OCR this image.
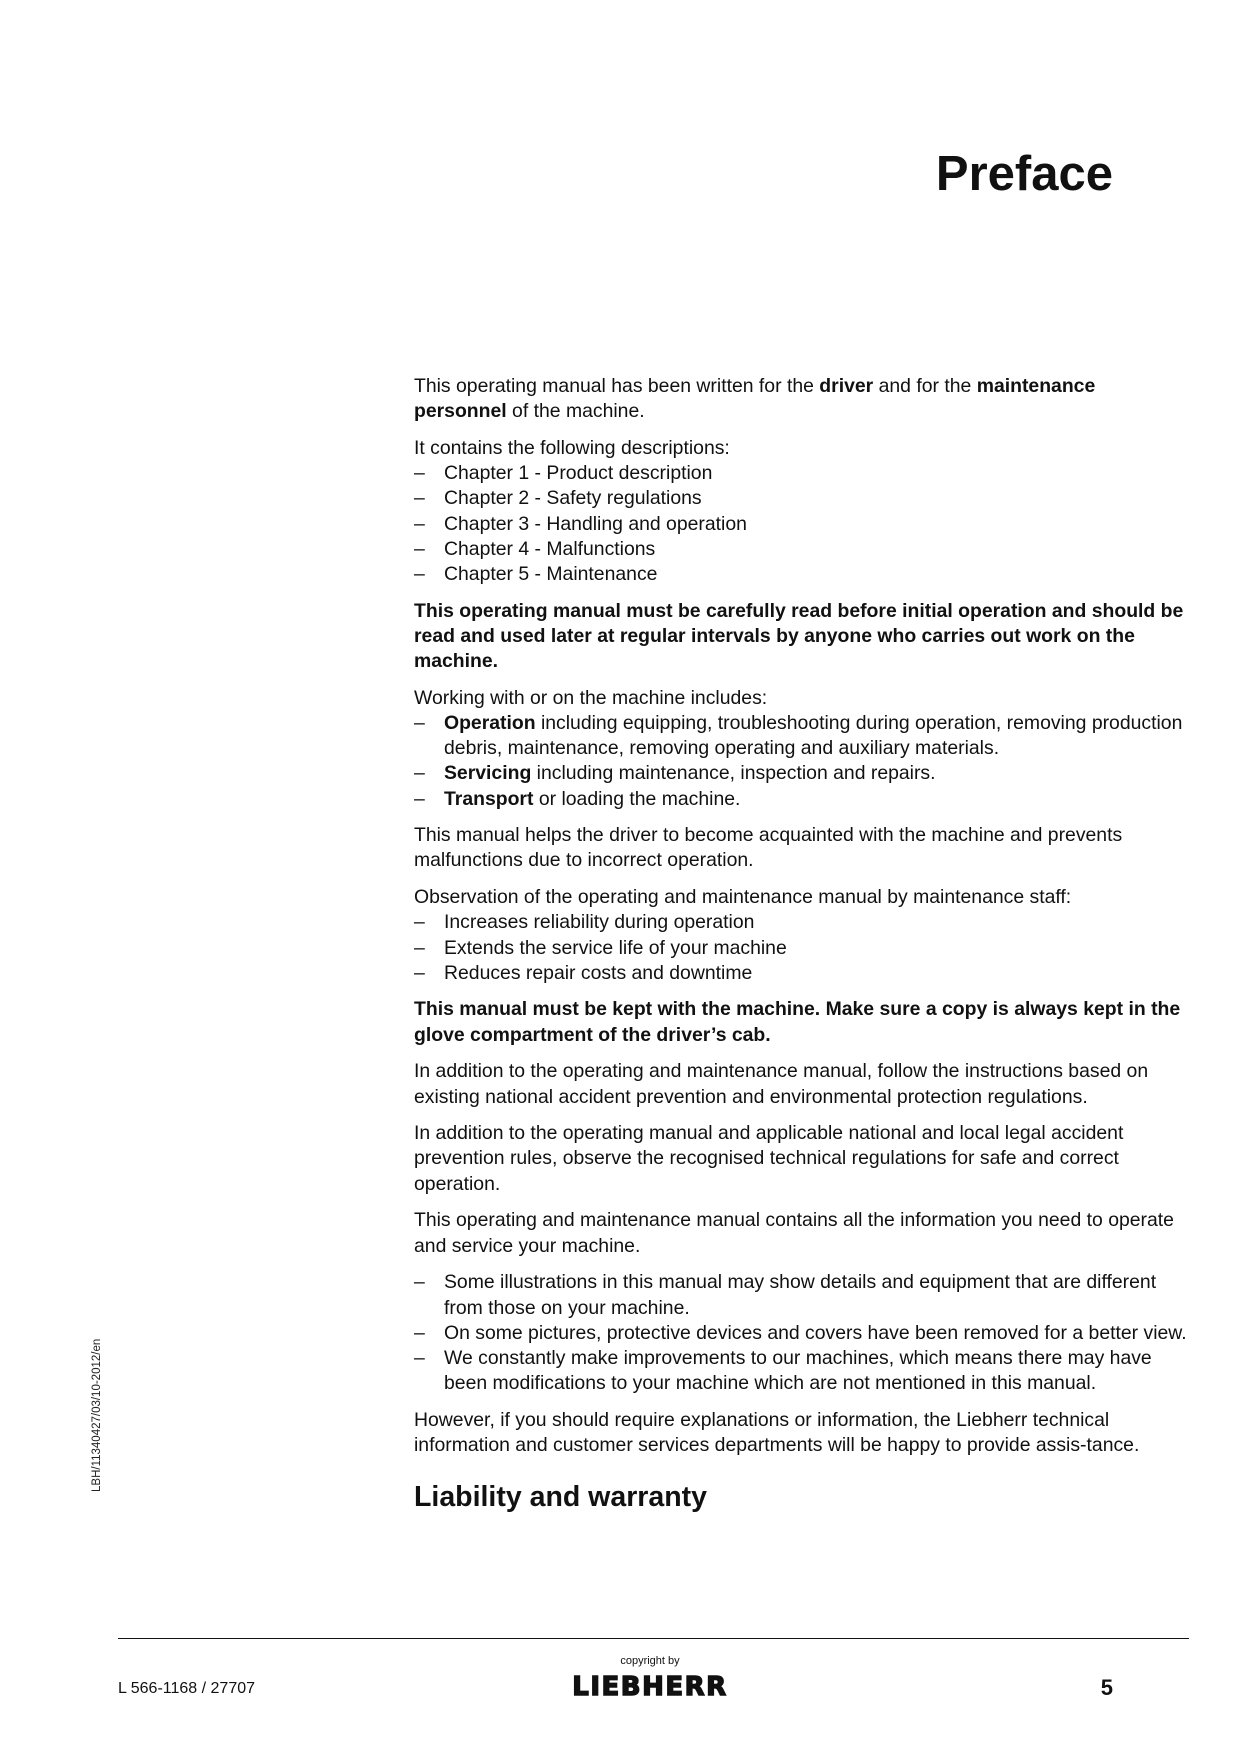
Preface

This operating manual has been written for the driver and for the maintenance personnel of the machine.

It contains the following descriptions:

– Chapter 1 - Product description
– Chapter 2 - Safety regulations
– Chapter 3 - Handling and operation
– Chapter 4 - Malfunctions
– Chapter 5 - Maintenance

This operating manual must be carefully read before initial operation and should be read and used later at regular intervals by anyone who carries out work on the machine.

Working with or on the machine includes:

– Operation including equipping, troubleshooting during operation, removing production debris, maintenance, removing operating and auxiliary materials.
– Servicing including maintenance, inspection and repairs.
– Transport or loading the machine.

This manual helps the driver to become acquainted with the machine and prevents malfunctions due to incorrect operation.

Observation of the operating and maintenance manual by maintenance staff:

– Increases reliability during operation
– Extends the service life of your machine
– Reduces repair costs and downtime

This manual must be kept with the machine. Make sure a copy is always kept in the glove compartment of the driver’s cab.

In addition to the operating and maintenance manual, follow the instructions based on existing national accident prevention and environmental protection regulations.

In addition to the operating manual and applicable national and local legal accident prevention rules, observe the recognised technical regulations for safe and correct operation.

This operating and maintenance manual contains all the information you need to operate and service your machine.

– Some illustrations in this manual may show details and equipment that are different from those on your machine.
– On some pictures, protective devices and covers have been removed for a better view.
– We constantly make improvements to our machines, which means there may have been modifications to your machine which are not mentioned in this manual.

However, if you should require explanations or information, the Liebherr technical information and customer services departments will be happy to provide assis-tance.

Liability and warranty
LBH/11340427/03/10-2012/en
L 566-1168 / 27707
copyright by
LIEBHERR	5
